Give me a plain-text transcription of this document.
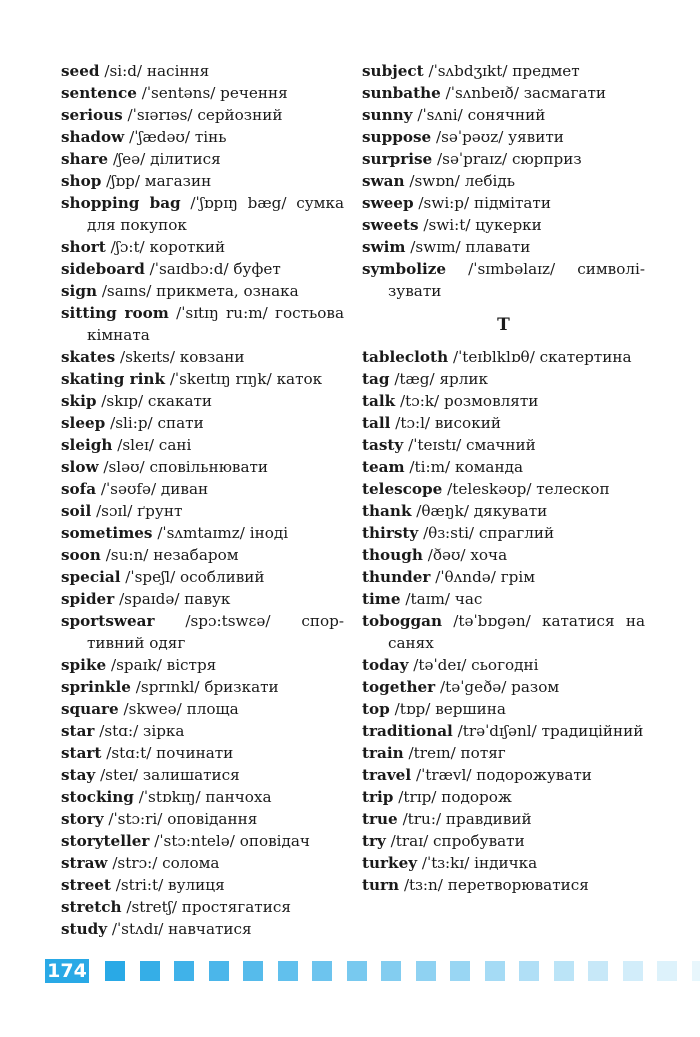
seed /si:d/ насіння
sentence /ˈsentəns/ речення
serious /ˈsɪərɪəs/ серйозний
shadow /ˈʃædəʊ/ тінь
share /ʃeə/ ділитися
shop /ʃɒp/ магазин
shopping bag /ˈʃɒpɪŋ bæg/ сумка для покупок
short /ʃɔ:t/ короткий
sideboard /ˈsaɪdbɔ:d/ буфет
sign /saɪns/ прикмета, ознака
sitting room /ˈsɪtɪŋ ru:m/ гостьова кімната
skates /skeɪts/ ковзани
skating rink /ˈskeɪtɪŋ rɪŋk/ каток
skip /skɪp/ скакати
sleep /sli:p/ спати
sleigh /sleɪ/ сані
slow /sləʊ/ сповільнювати
sofa /ˈsəʊfə/ диван
soil /sɔɪl/ ґрунт
sometimes /ˈsʌmtaɪmz/ іноді
soon /su:n/ незабаром
special /ˈspeʃl/ особливий
spider /spaɪdə/ павук
sportswear /spɔ:tswɛə/ спортивний одяг
spike /spaɪk/ вістря
sprinkle /sprɪnkl/ бризкати
square /skweə/ площа
star /stɑ:/ зірка
start /stɑ:t/ починати
stay /steɪ/ залишатися
stocking /ˈstɒkɪŋ/ панчоха
story /ˈstɔ:ri/ оповідання
storyteller /ˈstɔ:ntelə/ оповідач
straw /strɔ:/ солома
street /stri:t/ вулиця
stretch /stretʃ/ простягатися
study /ˈstʌdɪ/ навчатися
subject /ˈsʌbdʒɪkt/ предмет
sunbathe /ˈsʌnbeɪð/ засмагати
sunny /ˈsʌni/ сонячний
suppose /səˈpəʊz/ уявити
surprise /səˈpraɪz/ сюрприз
swan /swɒn/ лебідь
sweep /swi:p/ підмітати
sweets /swi:t/ цукерки
swim /swɪm/ плавати
symbolize /ˈsɪmbəlaɪz/ символізувати
T
tablecloth /ˈteɪblklɒθ/ скатертина
tag /tæg/ ярлик
talk /tɔ:k/ розмовляти
tall /tɔ:l/ високий
tasty /ˈteɪstɪ/ смачний
team /ti:m/ команда
telescope /teleskəʊp/ телескоп
thank /θæŋk/ дякувати
thirsty /θɜ:sti/ спраглий
though /ðəʊ/ хоча
thunder /ˈθʌndə/ грім
time /taɪm/ час
toboggan /təˈbɒgən/ кататися на санях
today /təˈdeɪ/ сьогодні
together /təˈgeðə/ разом
top /tɒp/ вершина
traditional /trəˈdɪʃənl/ традиційний
train /treɪn/ потяг
travel /ˈtrævl/ подорожувати
trip /trɪp/ подорож
true /tru:/ правдивий
try /traɪ/ спробувати
turkey /ˈtɜ:kɪ/ індичка
turn /tɜ:n/ перетворюватися
174
